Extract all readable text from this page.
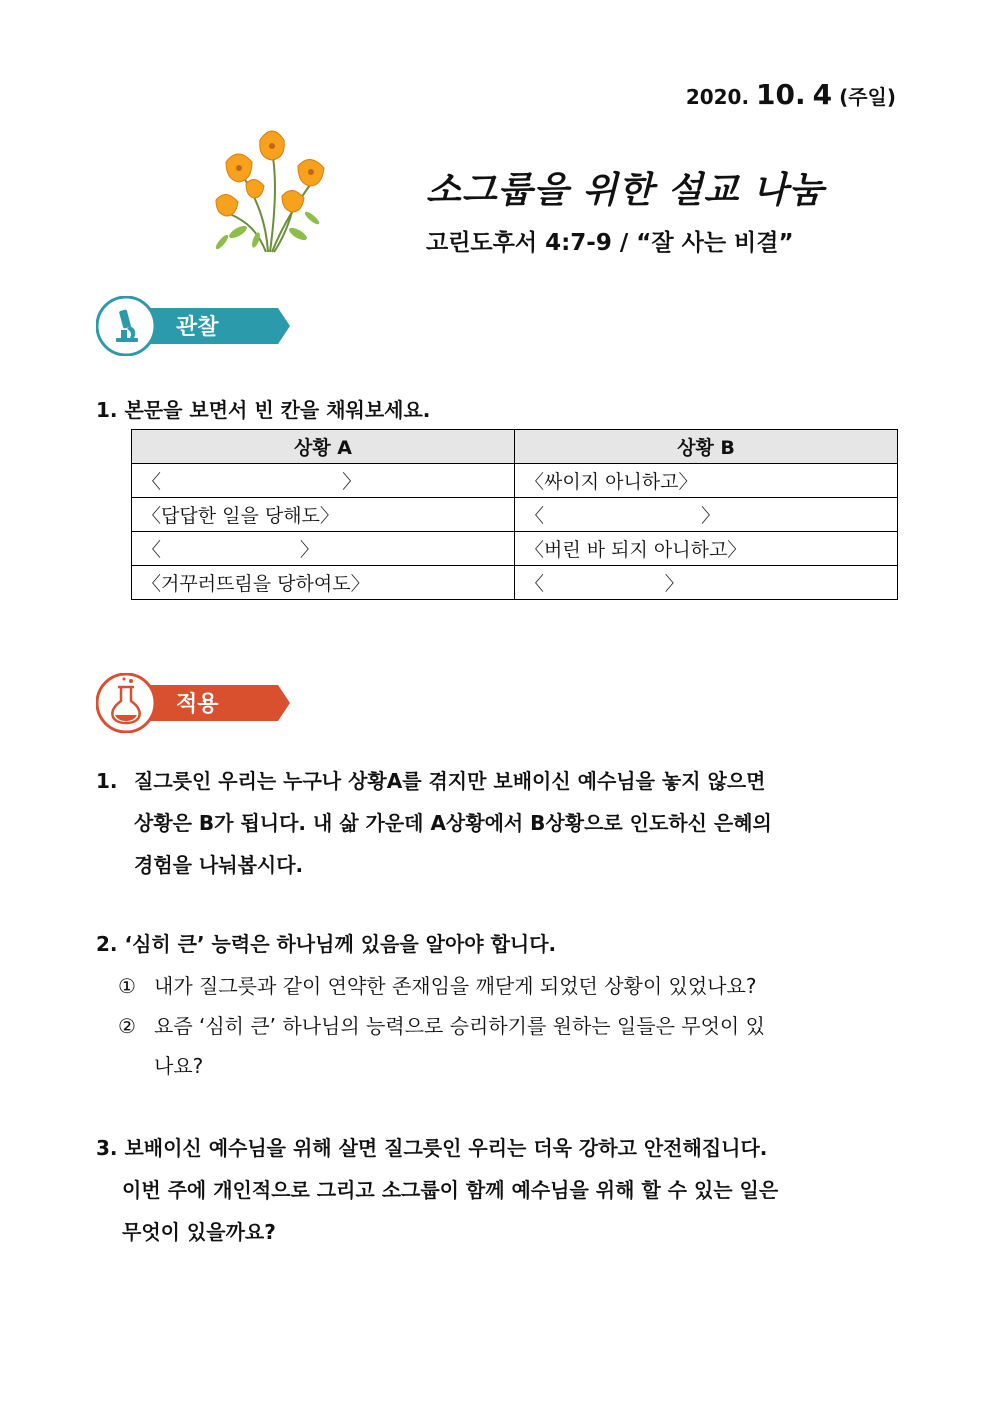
2020. 10. 4 (주일)
소그룹을 위한 설교 나눔
고린도후서 4:7-9 / “잘 사는 비결”
관찰
1. 본문을 보면서 빈 칸을 채워보세요.
상황 A	상황 B
〈                              〉	〈싸이지 아니하고〉
〈답답한 일을 당해도〉	〈                          〉
〈                       〉	〈버린 바 되지 아니하고〉
〈거꾸러뜨림을 당하여도〉	〈                    〉
적용
1. 질그릇인 우리는 누구나 상황A를 겪지만 보배이신 예수님을 놓지 않으면
상황은 B가 됩니다. 내 삶 가운데 A상황에서 B상황으로 인도하신 은혜의
경험을 나눠봅시다.
2. ‘심히 큰’ 능력은 하나님께 있음을 알아야 합니다.
① 내가 질그릇과 같이 연약한 존재임을 깨닫게 되었던 상황이 있었나요?
② 요즘 ‘심히 큰’ 하나님의 능력으로 승리하기를 원하는 일들은 무엇이 있
나요?
3. 보배이신 예수님을 위해 살면 질그릇인 우리는 더욱 강하고 안전해집니다.
이번 주에 개인적으로 그리고 소그룹이 함께 예수님을 위해 할 수 있는 일은
무엇이 있을까요?
